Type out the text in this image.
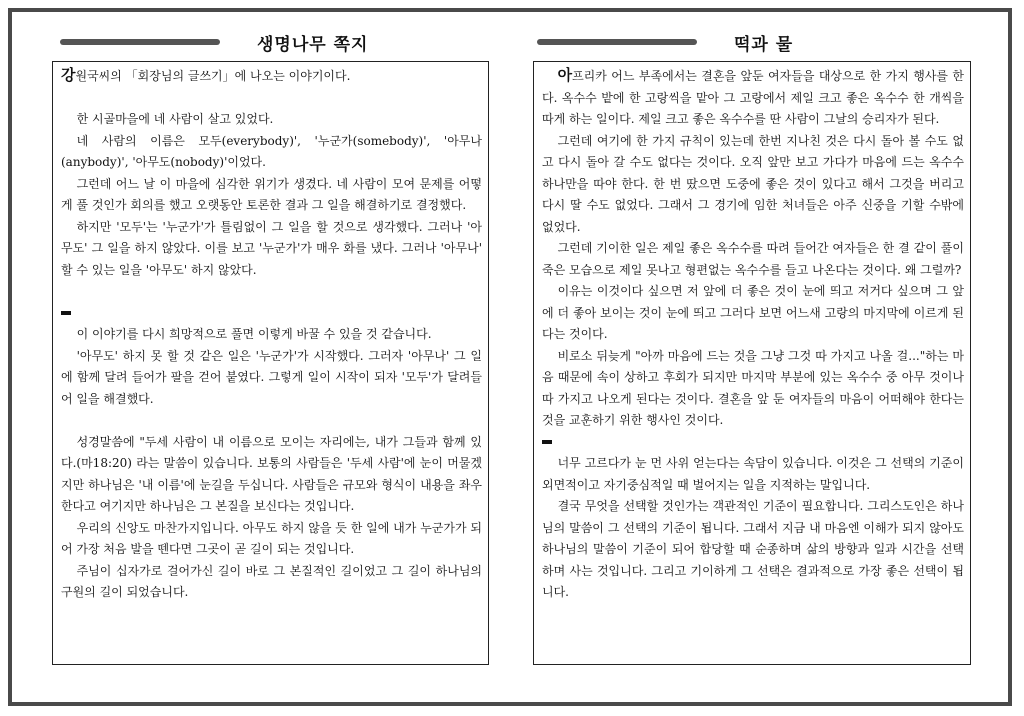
생명나무 쪽지

강원국씨의 「회장님의 글쓰기」에 나오는 이야기이다.

한 시골마을에 네 사람이 살고 있었다.

네 사람의 이름은 모두(everybody)', '누군가(somebody)', '아무나(anybody)', '아무도(nobody)'이었다.

그런데 어느 날 이 마을에 심각한 위기가 생겼다. 네 사람이 모여 문제를 어떻게 풀 것인가 회의를 했고 오랫동안 토론한 결과 그 일을 해결하기로 결정했다.

하지만 '모두'는 '누군가'가 틀림없이 그 일을 할 것으로 생각했다. 그러나 '아무도' 그 일을 하지 않았다. 이를 보고 '누군가'가 매우 화를 냈다. 그러나 '아무나' 할 수 있는 일을 '아무도' 하지 않았다.

이 이야기를 다시 희망적으로 풀면 이렇게 바꿀 수 있을 것 같습니다.

'아무도' 하지 못 할 것 같은 일은 '누군가'가 시작했다. 그러자 '아무나' 그 일에 함께 달려 들어가 팔을 걷어 붙였다. 그렇게 일이 시작이 되자 '모두'가 달려들어 일을 해결했다.

성경말씀에 "두세 사람이 내 이름으로 모이는 자리에는, 내가 그들과 함께 있다.(마18:20) 라는 말씀이 있습니다. 보통의 사람들은 '두세 사람'에 눈이 머물겠지만 하나님은 '내 이름'에 눈길을 두십니다. 사람들은 규모와 형식이 내용을 좌우 한다고 여기지만 하나님은 그 본질을 보신다는 것입니다.

우리의 신앙도 마찬가지입니다. 아무도 하지 않을 듯 한 일에 내가 누군가가 되어 가장 처음 발을 뗀다면 그곳이 곧 길이 되는 것입니다.

주님이 십자가로 걸어가신 길이 바로 그 본질적인 길이었고 그 길이 하나님의 구원의 길이 되었습니다.

떡과 물

아프리카 어느 부족에서는 결혼을 앞둔 여자들을 대상으로 한 가지 행사를 한다. 옥수수 밭에 한 고랑씩을 맡아 그 고랑에서 제일 크고 좋은 옥수수 한 개씩을 따게 하는 일이다. 제일 크고 좋은 옥수수를 딴 사람이 그날의 승리자가 된다.

그런데 여기에 한 가지 규칙이 있는데 한번 지나친 것은 다시 돌아 볼 수도 없고 다시 돌아 갈 수도 없다는 것이다. 오직 앞만 보고 가다가 마음에 드는 옥수수 하나만을 따야 한다. 한 번 땄으면 도중에 좋은 것이 있다고 해서 그것을 버리고 다시 딸 수도 없었다. 그래서 그 경기에 임한 처녀들은 아주 신중을 기할 수밖에 없었다.

그런데 기이한 일은 제일 좋은 옥수수를 따려 들어간 여자들은 한 결 같이 풀이 죽은 모습으로 제일 못나고 형편없는 옥수수를 들고 나온다는 것이다. 왜 그럴까?

이유는 이것이다 싶으면 저 앞에 더 좋은 것이 눈에 띄고 저거다 싶으며 그 앞에 더 좋아 보이는 것이 눈에 띄고 그러다 보면 어느새 고랑의 마지막에 이르게 된다는 것이다.

비로소 뒤늦게 "아까 마음에 드는 것을 그냥 그것 따 가지고 나올 걸..."하는 마음 때문에 속이 상하고 후회가 되지만 마지막 부분에 있는 옥수수 중 아무 것이나 따 가지고 나오게 된다는 것이다. 결혼을 앞 둔 여자들의 마음이 어떠해야 한다는 것을 교훈하기 위한 행사인 것이다.

너무 고르다가 눈 먼 사위 얻는다는 속담이 있습니다. 이것은 그 선택의 기준이 외면적이고 자기중심적일 때 벌어지는 일을 지적하는 말입니다.

결국 무엇을 선택할 것인가는 객관적인 기준이 필요합니다. 그리스도인은 하나님의 말씀이 그 선택의 기준이 됩니다. 그래서 지금 내 마음엔 이해가 되지 않아도 하나님의 말씀이 기준이 되어 합당할 때 순종하며 삶의 방향과 일과 시간을 선택하며 사는 것입니다. 그리고 기이하게 그 선택은 결과적으로 가장 좋은 선택이 됩니다.
